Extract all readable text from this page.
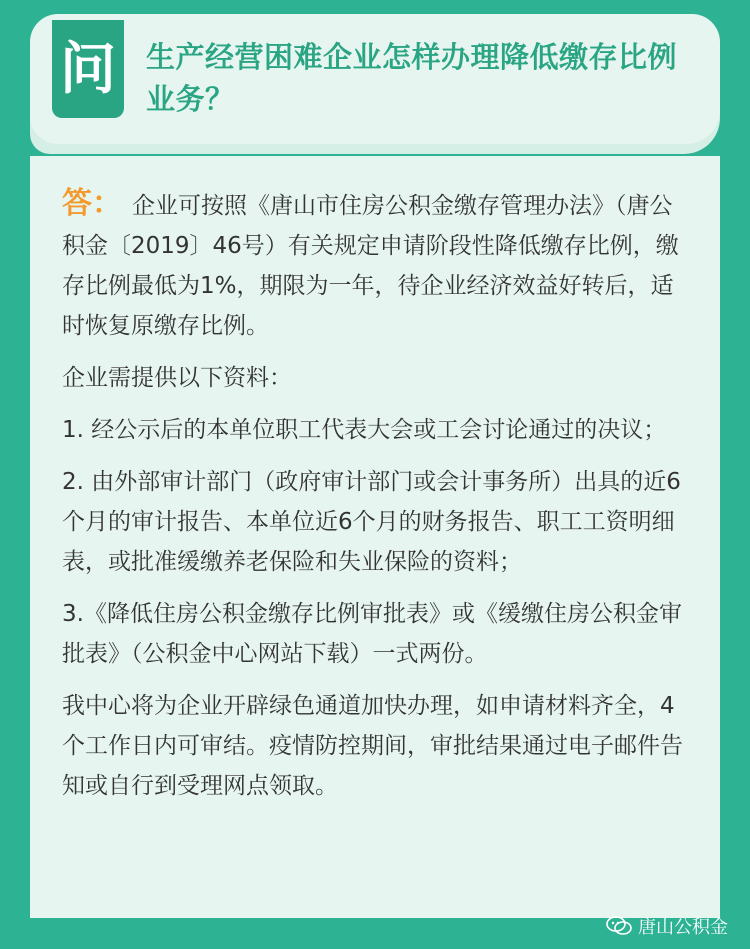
问 生产经营困难企业怎样办理降低缴存比例业务？

答： 企业可按照《唐山市住房公积金缴存管理办法》（唐公积金〔2019〕46号）有关规定申请阶段性降低缴存比例，缴存比例最低为1%，期限为一年，待企业经济效益好转后，适时恢复原缴存比例。

企业需提供以下资料：

1. 经公示后的本单位职工代表大会或工会讨论通过的决议；

2. 由外部审计部门（政府审计部门或会计事务所）出具的近6个月的审计报告、本单位近6个月的财务报告、职工工资明细表，或批准缓缴养老保险和失业保险的资料；

3.《降低住房公积金缴存比例审批表》或《缓缴住房公积金审批表》（公积金中心网站下载）一式两份。

我中心将为企业开辟绿色通道加快办理，如申请材料齐全，4个工作日内可审结。疫情防控期间，审批结果通过电子邮件告知或自行到受理网点领取。

唐山公积金
